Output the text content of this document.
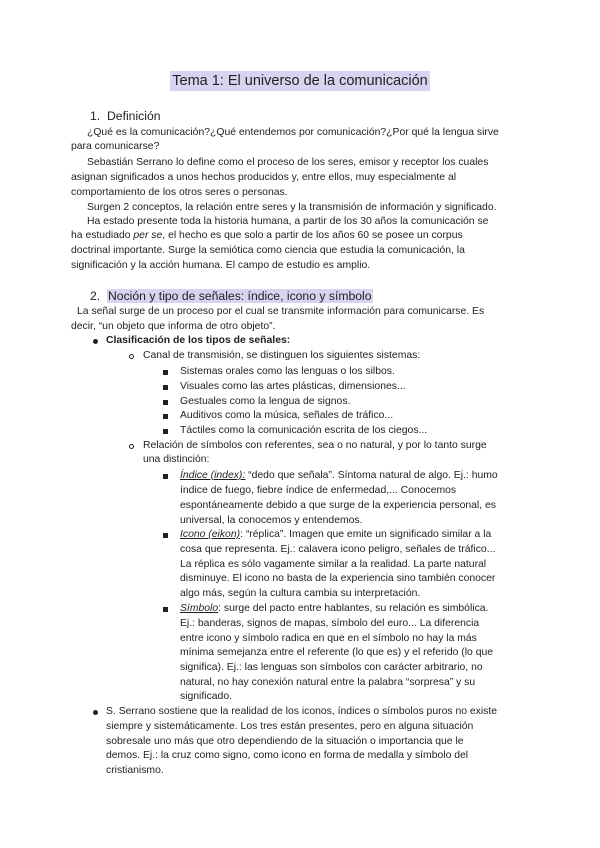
Tema 1: El universo de la comunicación
1. Definición
¿Qué es la comunicación?¿Qué entendemos por comunicación?¿Por qué la lengua sirve
para comunicarse?
Sebastián Serrano lo define como el proceso de los seres, emisor y receptor los cuales
asignan significados a unos hechos producidos y, entre ellos, muy especialmente al
comportamiento de los otros seres o personas.
Surgen 2 conceptos, la relación entre seres y la transmisión de información y significado.
Ha estado presente toda la historia humana, a partir de los 30 años la comunicación se
ha estudiado per se, el hecho es que solo a partir de los años 60 se posee un corpus
doctrinal importante. Surge la semiótica como ciencia que estudia la comunicación, la
significación y la acción humana. El campo de estudio es amplio.
2. Noción y tipo de señales: índice, icono y símbolo
La señal surge de un proceso por el cual se transmite información para comunicarse. Es
decir, “un objeto que informa de otro objeto”.
Clasificación de los tipos de señales:
Canal de transmisión, se distinguen los siguientes sistemas:
Sistemas orales como las lenguas o los silbos.
Visuales como las artes plásticas, dimensiones...
Gestuales como la lengua de signos.
Auditivos como la música, señales de tráfico...
Táctiles como la comunicación escrita de los ciegos...
Relación de símbolos con referentes, sea o no natural, y por lo tanto surge
una distinción:
Índice (index): “dedo que señala”. Síntoma natural de algo. Ej.: humo
índice de fuego, fiebre índice de enfermedad,... Conocemos
espontáneamente debido a que surge de la experiencia personal, es
universal, la conocemos y entendemos.
Icono (eikon): “réplica”. Imagen que emite un significado similar a la
cosa que representa. Ej.: calavera icono peligro, señales de tráfico...
La réplica es sólo vagamente similar a la realidad. La parte natural
disminuye. El icono no basta de la experiencia sino también conocer
algo más, según la cultura cambia su interpretación.
Símbolo: surge del pacto entre hablantes, su relación es simbólica.
Ej.: banderas, signos de mapas, símbolo del euro... La diferencia
entre icono y símbolo radica en que en el símbolo no hay la más
mínima semejanza entre el referente (lo que es) y el referido (lo que
significa). Ej.: las lenguas son símbolos con carácter arbitrario, no
natural, no hay conexión natural entre la palabra “sorpresa” y su
significado.
S. Serrano sostiene que la realidad de los iconos, índices o símbolos puros no existe
siempre y sistemáticamente. Los tres están presentes, pero en alguna situación
sobresale uno más que otro dependiendo de la situación o importancia que le
demos. Ej.: la cruz como signo, como icono en forma de medalla y símbolo del
cristianismo.
